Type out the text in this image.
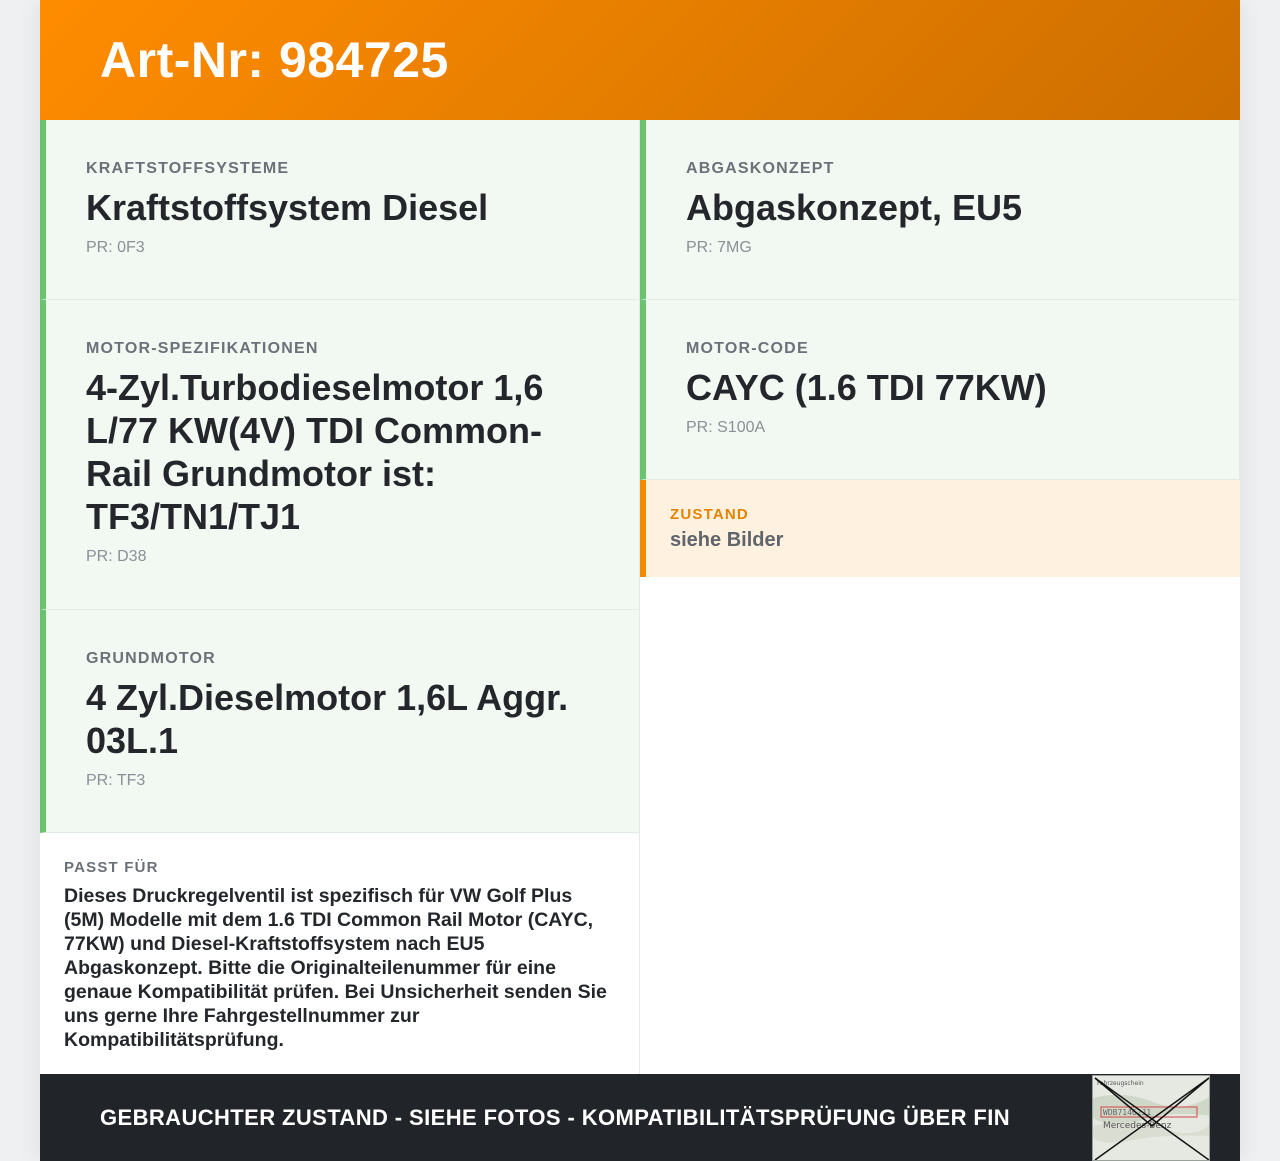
Art-Nr: 984725
KRAFTSTOFFSYSTEME
Kraftstoffsystem Diesel
PR: 0F3
MOTOR-SPEZIFIKATIONEN
4-Zyl.Turbodieselmotor 1,6 L/77 KW(4V) TDI Common-Rail Grundmotor ist: TF3/TN1/TJ1
PR: D38
GRUNDMOTOR
4 Zyl.Dieselmotor 1,6L Aggr. 03L.1
PR: TF3
PASST FÜR
Dieses Druckregelventil ist spezifisch für VW Golf Plus (5M) Modelle mit dem 1.6 TDI Common Rail Motor (CAYC, 77KW) und Diesel-Kraftstoffsystem nach EU5 Abgaskonzept. Bitte die Originalteilenummer für eine genaue Kompatibilität prüfen. Bei Unsicherheit senden Sie uns gerne Ihre Fahrgestellnummer zur Kompatibilitätsprüfung.
ABGASKONZEPT
Abgaskonzept, EU5
PR: 7MG
MOTOR-CODE
CAYC (1.6 TDI 77KW)
PR: S100A
ZUSTAND
siehe Bilder
GEBRAUCHTER ZUSTAND - SIEHE FOTOS - KOMPATIBILITÄTSPRÜFUNG ÜBER FIN
Fahrzeugschein
WDB71462J1
Mercedes-Benz
